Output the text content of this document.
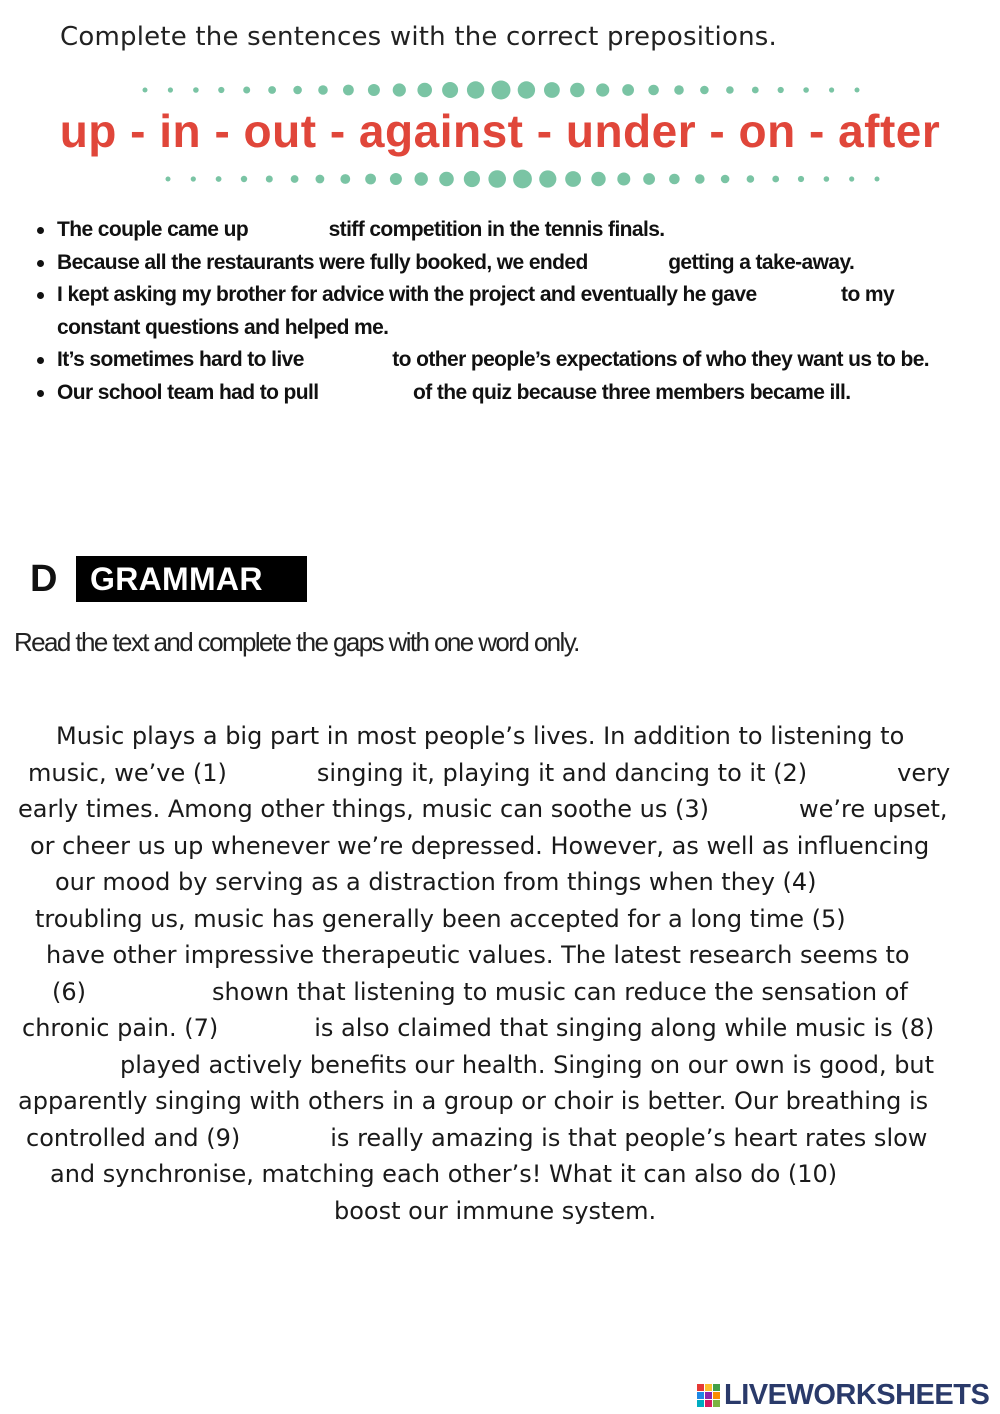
Complete the sentences with the correct prepositions.
up - in - out - against - under - on - after
The couple came up	stiff competition in the tennis finals.
Because all the restaurants were fully booked, we ended	getting a take-away.
I kept asking my brother for advice with the project and eventually he gave	to my constant questions and helped me.
It’s sometimes hard to live	to other people’s expectations of who they want us to be.
Our school team had to pull	of the quiz because three members became ill.
D GRAMMAR
Read the text and complete the gaps with one word only.
Music plays a big part in most people’s lives. In addition to listening to
music, we’ve (1)	singing it, playing it and dancing to it (2)	very
early times. Among other things, music can soothe us (3)	we’re upset,
or cheer us up whenever we’re depressed. However, as well as influencing
our mood by serving as a distraction from things when they (4)
troubling us, music has generally been accepted for a long time (5)
have other impressive therapeutic values. The latest research seems to
(6)	shown that listening to music can reduce the sensation of
chronic pain. (7)	is also claimed that singing along while music is (8)
played actively benefits our health. Singing on our own is good, but
apparently singing with others in a group or choir is better. Our breathing is
controlled and (9)	is really amazing is that people’s heart rates slow
and synchronise, matching each other’s! What it can also do (10)
boost our immune system.
LIVEWORKSHEETS
